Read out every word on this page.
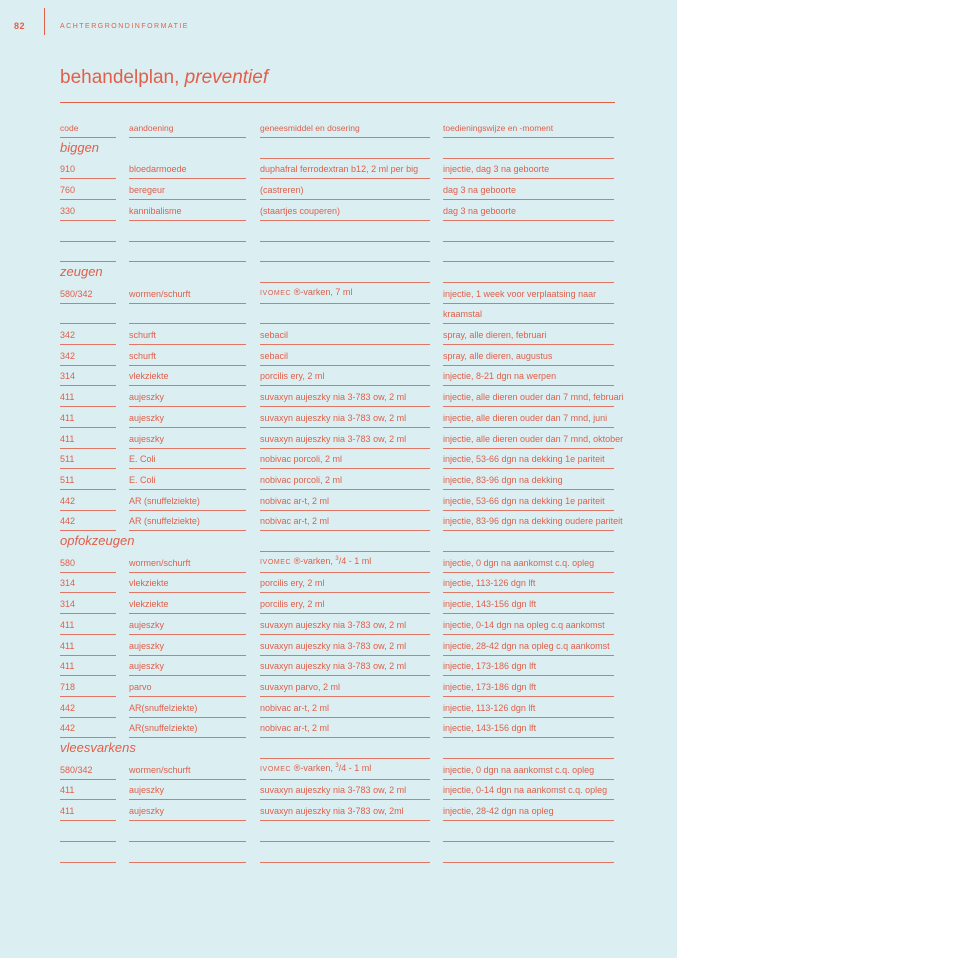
82	ACHTERGRONDINFORMATIE
behandelplan, preventief
code	aandoening	geneesmiddel en dosering	toedieningswijze en -moment
biggen
910	bloedarmoede	duphafral ferrodextran b12, 2 ml per big	injectie, dag 3 na geboorte
760	beregeur	(castreren)	dag 3 na geboorte
330	kannibalisme	(staartjes couperen)	dag 3 na geboorte
zeugen
580/342	wormen/schurft	IVOMEC ®-varken, 7 ml	injectie, 1 week voor verplaatsing naar
kraamstal
342	schurft	sebacil	spray, alle dieren, februari
342	schurft	sebacil	spray, alle dieren, augustus
314	vlekziekte	porcilis ery, 2 ml	injectie, 8-21 dgn na werpen
411	aujeszky	suvaxyn aujeszky nia 3-783 ow, 2 ml	injectie, alle dieren ouder dan 7 mnd, februari
411	aujeszky	suvaxyn aujeszky nia 3-783 ow, 2 ml	injectie, alle dieren ouder dan 7 mnd, juni
411	aujeszky	suvaxyn aujeszky nia 3-783 ow, 2 ml	injectie, alle dieren ouder dan 7 mnd, oktober
511	E. Coli	nobivac porcoli, 2 ml	injectie, 53-66 dgn na dekking 1e pariteit
511	E. Coli	nobivac porcoli, 2 ml	injectie, 83-96 dgn na dekking
442	AR (snuffelziekte)	nobivac ar-t, 2 ml	injectie, 53-66 dgn na dekking 1e pariteit
442	AR (snuffelziekte)	nobivac ar-t, 2 ml	injectie, 83-96 dgn na dekking oudere pariteit
opfokzeugen
580	wormen/schurft	IVOMEC ®-varken, $^3$/4 - 1 ml	injectie, 0 dgn na aankomst c.q. opleg
314	vlekziekte	porcilis ery, 2 ml	injectie, 113-126 dgn lft
314	vlekziekte	porcilis ery, 2 ml	injectie, 143-156 dgn lft
411	aujeszky	suvaxyn aujeszky nia 3-783 ow, 2 ml	injectie, 0-14 dgn na opleg c.q aankomst
411	aujeszky	suvaxyn aujeszky nia 3-783 ow, 2 ml	injectie, 28-42 dgn na opleg c.q aankomst
411	aujeszky	suvaxyn aujeszky nia 3-783 ow, 2 ml	injectie, 173-186 dgn lft
718	parvo	suvaxyn parvo, 2 ml	injectie, 173-186 dgn lft
442	AR(snuffelziekte)	nobivac ar-t, 2 ml	injectie, 113-126 dgn lft
442	AR(snuffelziekte)	nobivac ar-t, 2 ml	injectie, 143-156 dgn lft
vleesvarkens
580/342	wormen/schurft	IVOMEC ®-varken, $^3$/4 - 1 ml	injectie, 0 dgn na aankomst c.q. opleg
411	aujeszky	suvaxyn aujeszky nia 3-783 ow, 2 ml	injectie, 0-14 dgn na aankomst c.q. opleg
411	aujeszky	suvaxyn aujeszky nia 3-783 ow, 2ml	injectie, 28-42 dgn na opleg
